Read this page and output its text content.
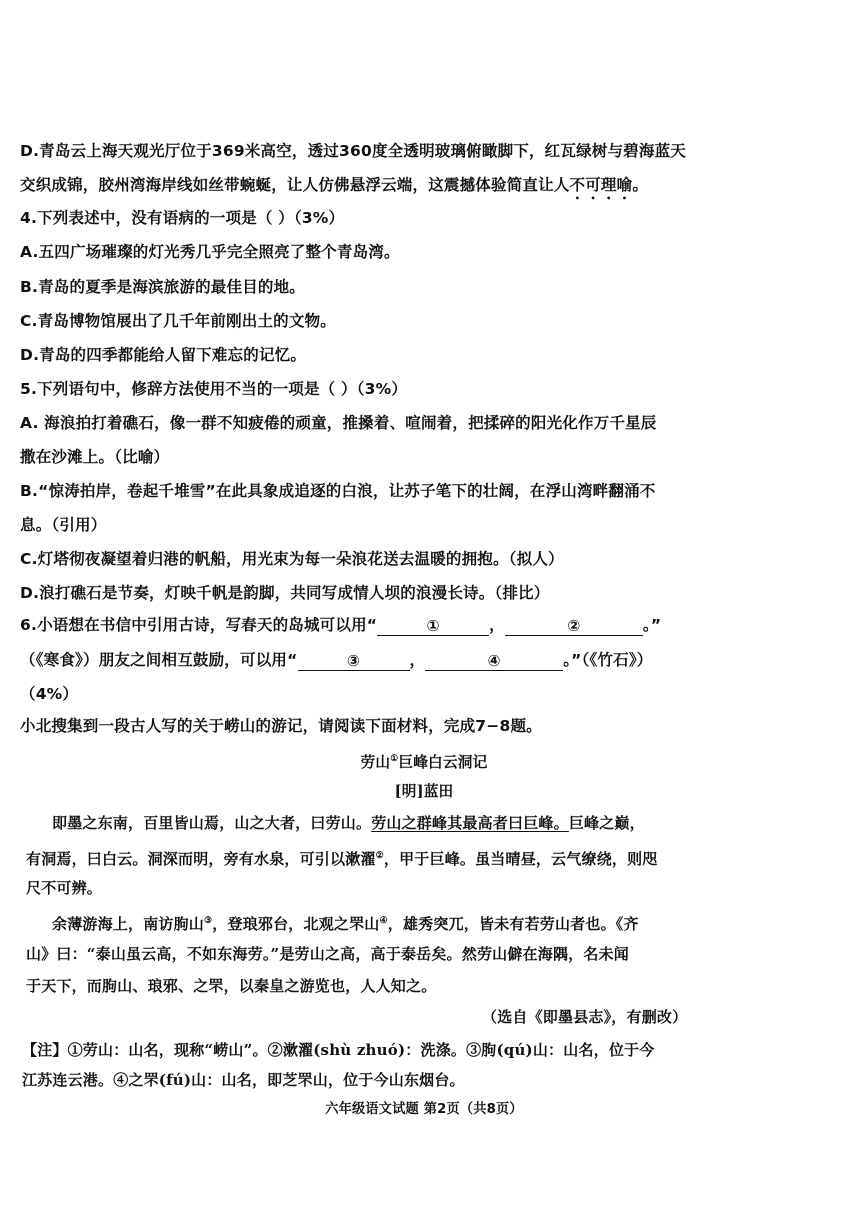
D.青岛云上海天观光厅位于369米高空，透过360度全透明玻璃俯瞰脚下，红瓦绿树与碧海蓝天
交织成锦，胶州湾海岸线如丝带蜿蜒，让人仿佛悬浮云端，这震撼体验简直让人不可理喻。
4.下列表述中，没有语病的一项是（ ）（3%）
A.五四广场璀璨的灯光秀几乎完全照亮了整个青岛湾。
B.青岛的夏季是海滨旅游的最佳目的地。
C.青岛博物馆展出了几千年前刚出土的文物。
D.青岛的四季都能给人留下难忘的记忆。
5.下列语句中，修辞方法使用不当的一项是（ ）（3%）
A. 海浪拍打着礁石，像一群不知疲倦的顽童，推搡着、喧闹着，把揉碎的阳光化作万千星辰
撒在沙滩上。（比喻）
B.“惊涛拍岸，卷起千堆雪”在此具象成追逐的白浪，让苏子笔下的壮阔，在浮山湾畔翻涌不
息。（引用）
C.灯塔彻夜凝望着归港的帆船，用光束为每一朵浪花送去温暖的拥抱。（拟人）
D.浪打礁石是节奏，灯映千帆是韵脚，共同写成情人坝的浪漫长诗。（排比）
6.小语想在书信中引用古诗，写春天的岛城可以用“	①	，	②	。”
（《寒食》）朋友之间相互鼓励，可以用“	③	，	④	。”（《竹石》）
（4%）
小北搜集到一段古人写的关于崂山的游记，请阅读下面材料，完成7−8题。
劳山①巨峰白云洞记
[明]蓝田
即墨之东南，百里皆山焉，山之大者，曰劳山。劳山之群峰其最高者曰巨峰。巨峰之巅，
有洞焉，曰白云。洞深而明，旁有水泉，可引以漱濯②，甲于巨峰。虽当晴昼，云气缭绕，则咫
尺不可辨。
余薄游海上，南访朐山③，登琅邪台，北观之罘山④，雄秀突兀，皆未有若劳山者也。《齐
山》曰：“泰山虽云高，不如东海劳。”是劳山之高，高于泰岳矣。然劳山僻在海隅，名未闻
于天下，而朐山、琅邪、之罘，以秦皇之游览也，人人知之。
（选自《即墨县志》，有删改）
【注】①劳山：山名，现称“崂山”。②漱濯(shù zhuó)：洗涤。③朐(qú)山：山名，位于今
江苏连云港。④之罘(fú)山：山名，即芝罘山，位于今山东烟台。
六年级语文试题 第2页（共8页）
